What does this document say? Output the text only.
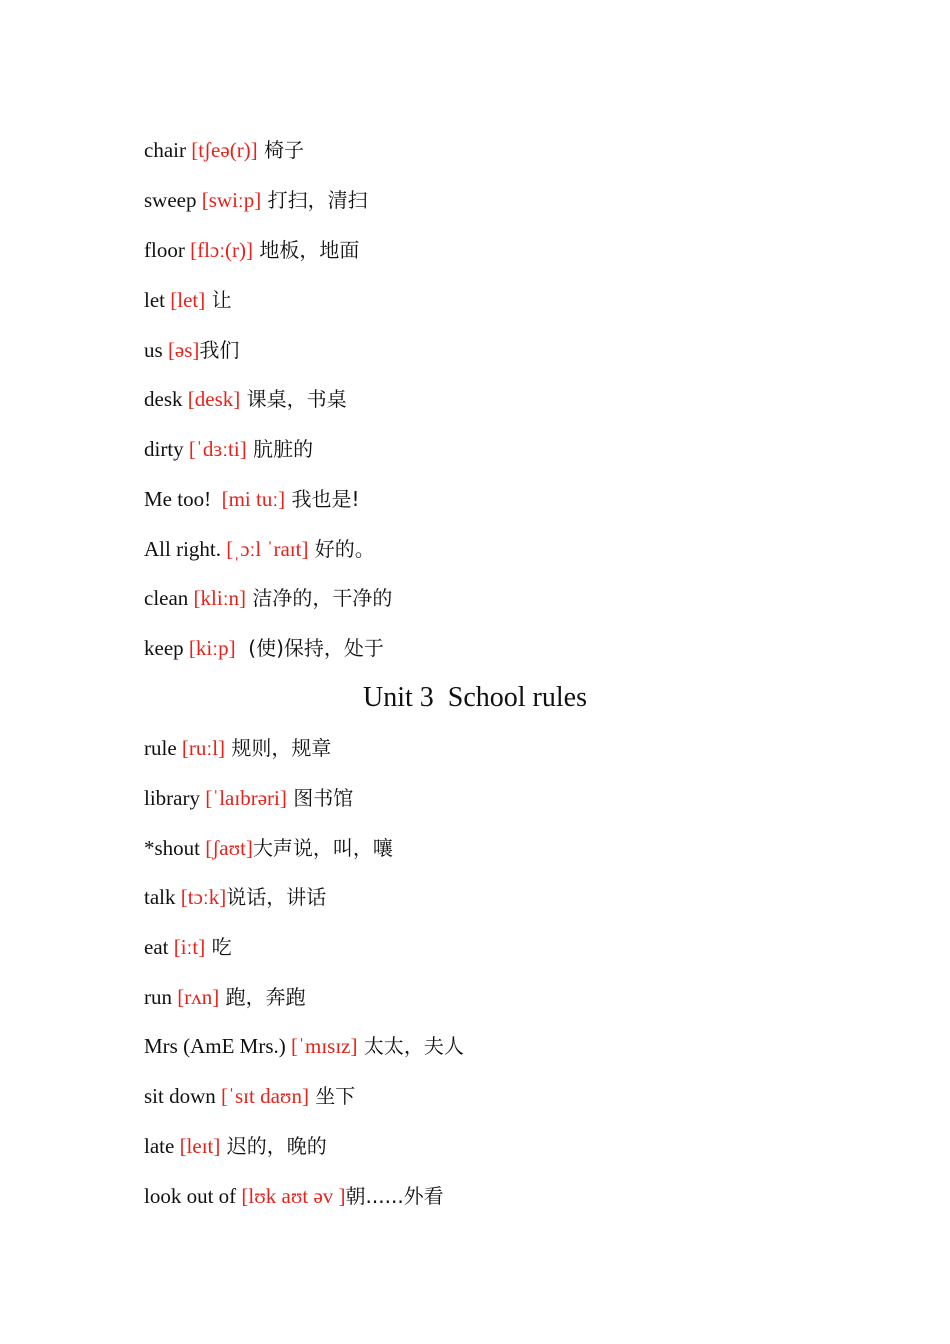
chair [tʃeə(r)] 椅子
sweep [swiːp] 打扫，清扫
floor [flɔː(r)] 地板，地面
let [let] 让
us [əs]我们
desk [desk] 课桌，书桌
dirty [ˈdɜːti] 肮脏的
Me too!  [mi tuː] 我也是!
All right. [ˌɔːl ˈraɪt] 好的。
clean [kliːn] 洁净的，干净的
keep [kiːp]  (使)保持，处于
Unit 3  School rules
rule [ruːl] 规则，规章
library [ˈlaɪbrəri] 图书馆
*shout [ʃaʊt]大声说，叫，嚷
talk [tɔːk]说话，讲话
eat [iːt] 吃
run [rʌn] 跑，奔跑
Mrs (AmE Mrs.) [ˈmɪsɪz] 太太，夫人
sit down [ˈsɪt daʊn] 坐下
late [leɪt] 迟的，晚的
look out of [lʊk aʊt əv ]朝......外看
